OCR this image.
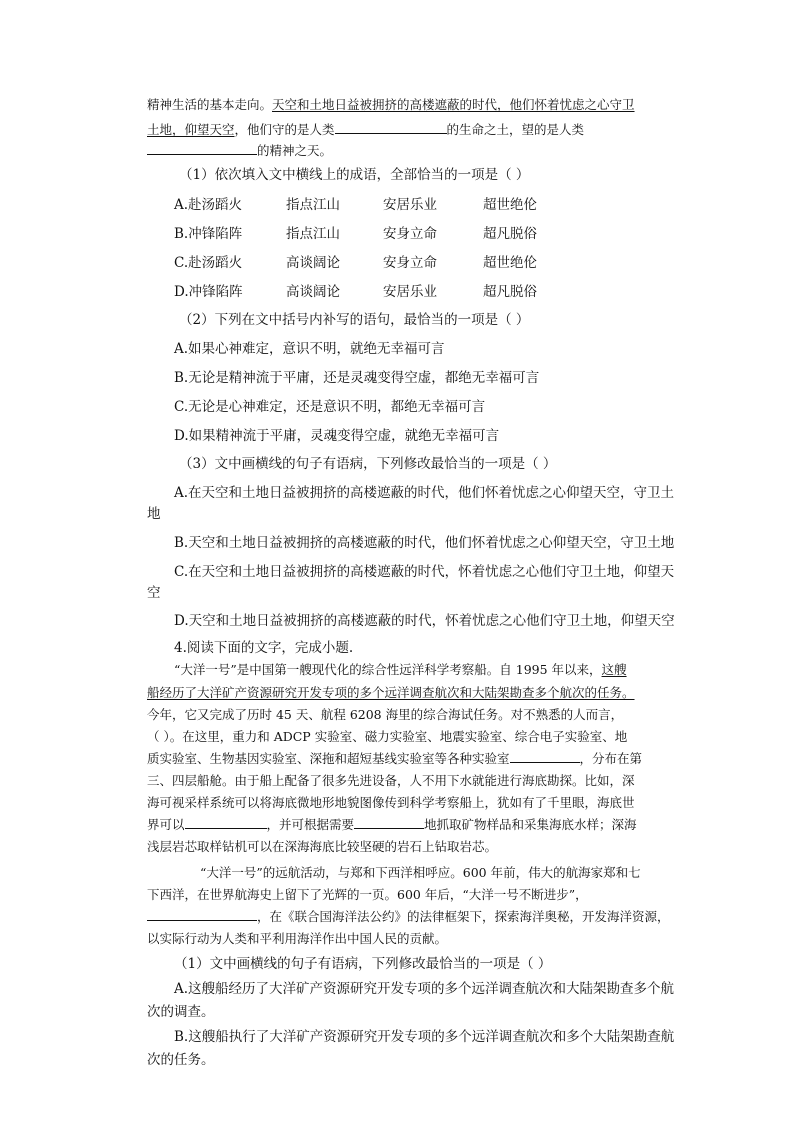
精神生活的基本走向。天空和土地日益被拥挤的高楼遮蔽的时代，他们怀着忧虑之心守卫
土地，仰望天空，他们守的是人类	的生命之土，望的是人类
的精神之天。
（1）依次填入文中横线上的成语，全部恰当的一项是（ ）
A.赴汤蹈火	指点江山	安居乐业	超世绝伦
B.冲锋陷阵	指点江山	安身立命	超凡脱俗
C.赴汤蹈火	高谈阔论	安身立命	超世绝伦
D.冲锋陷阵	高谈阔论	安居乐业	超凡脱俗
（2）下列在文中括号内补写的语句，最恰当的一项是（ ）
A.如果心神难定，意识不明，就绝无幸福可言
B.无论是精神流于平庸，还是灵魂变得空虚，都绝无幸福可言
C.无论是心神难定，还是意识不明，都绝无幸福可言
D.如果精神流于平庸，灵魂变得空虚，就绝无幸福可言
（3）文中画横线的句子有语病，下列修改最恰当的一项是（ ）
A.在天空和土地日益被拥挤的高楼遮蔽的时代，他们怀着忧虑之心仰望天空，守卫土
地
B.天空和土地日益被拥挤的高楼遮蔽的时代，他们怀着忧虑之心仰望天空，守卫土地
C.在天空和土地日益被拥挤的高楼遮蔽的时代，怀着忧虑之心他们守卫土地，仰望天
空
D.天空和土地日益被拥挤的高楼遮蔽的时代，怀着忧虑之心他们守卫土地，仰望天空
4.阅读下面的文字，完成小题.
“大洋一号”是中国第一艘现代化的综合性远洋科学考察船。自 1995 年以来，这艘
船经历了大洋矿产资源研究开发专项的多个远洋调查航次和大陆架勘查多个航次的任务。
今年，它又完成了历时 45 天、航程 6208 海里的综合海试任务。对不熟悉的人而言，
（ ）。在这里，重力和 ADCP 实验室、磁力实验室、地震实验室、综合电子实验室、地
质实验室、生物基因实验室、深拖和超短基线实验室等各种实验室	，分布在第
三、四层船舱。由于船上配备了很多先进设备，人不用下水就能进行海底勘探。比如，深
海可视采样系统可以将海底微地形地貌图像传到科学考察船上，犹如有了千里眼，海底世
界可以	，并可根据需要	地抓取矿物样品和采集海底水样；深海
浅层岩芯取样钻机可以在深海海底比较坚硬的岩石上钻取岩芯。
“大洋一号”的远航活动，与郑和下西洋相呼应。600 年前，伟大的航海家郑和七
下西洋，在世界航海史上留下了光辉的一页。600 年后，“大洋一号不断进步”，
，在《联合国海洋法公约》的法律框架下，探索海洋奥秘，开发海洋资源，
以实际行动为人类和平利用海洋作出中国人民的贡献。
（1）文中画横线的句子有语病，下列修改最恰当的一项是（ ）
A.这艘船经历了大洋矿产资源研究开发专项的多个远洋调查航次和大陆架勘查多个航
次的调查。
B.这艘船执行了大洋矿产资源研究开发专项的多个远洋调查航次和多个大陆架勘查航
次的任务。
